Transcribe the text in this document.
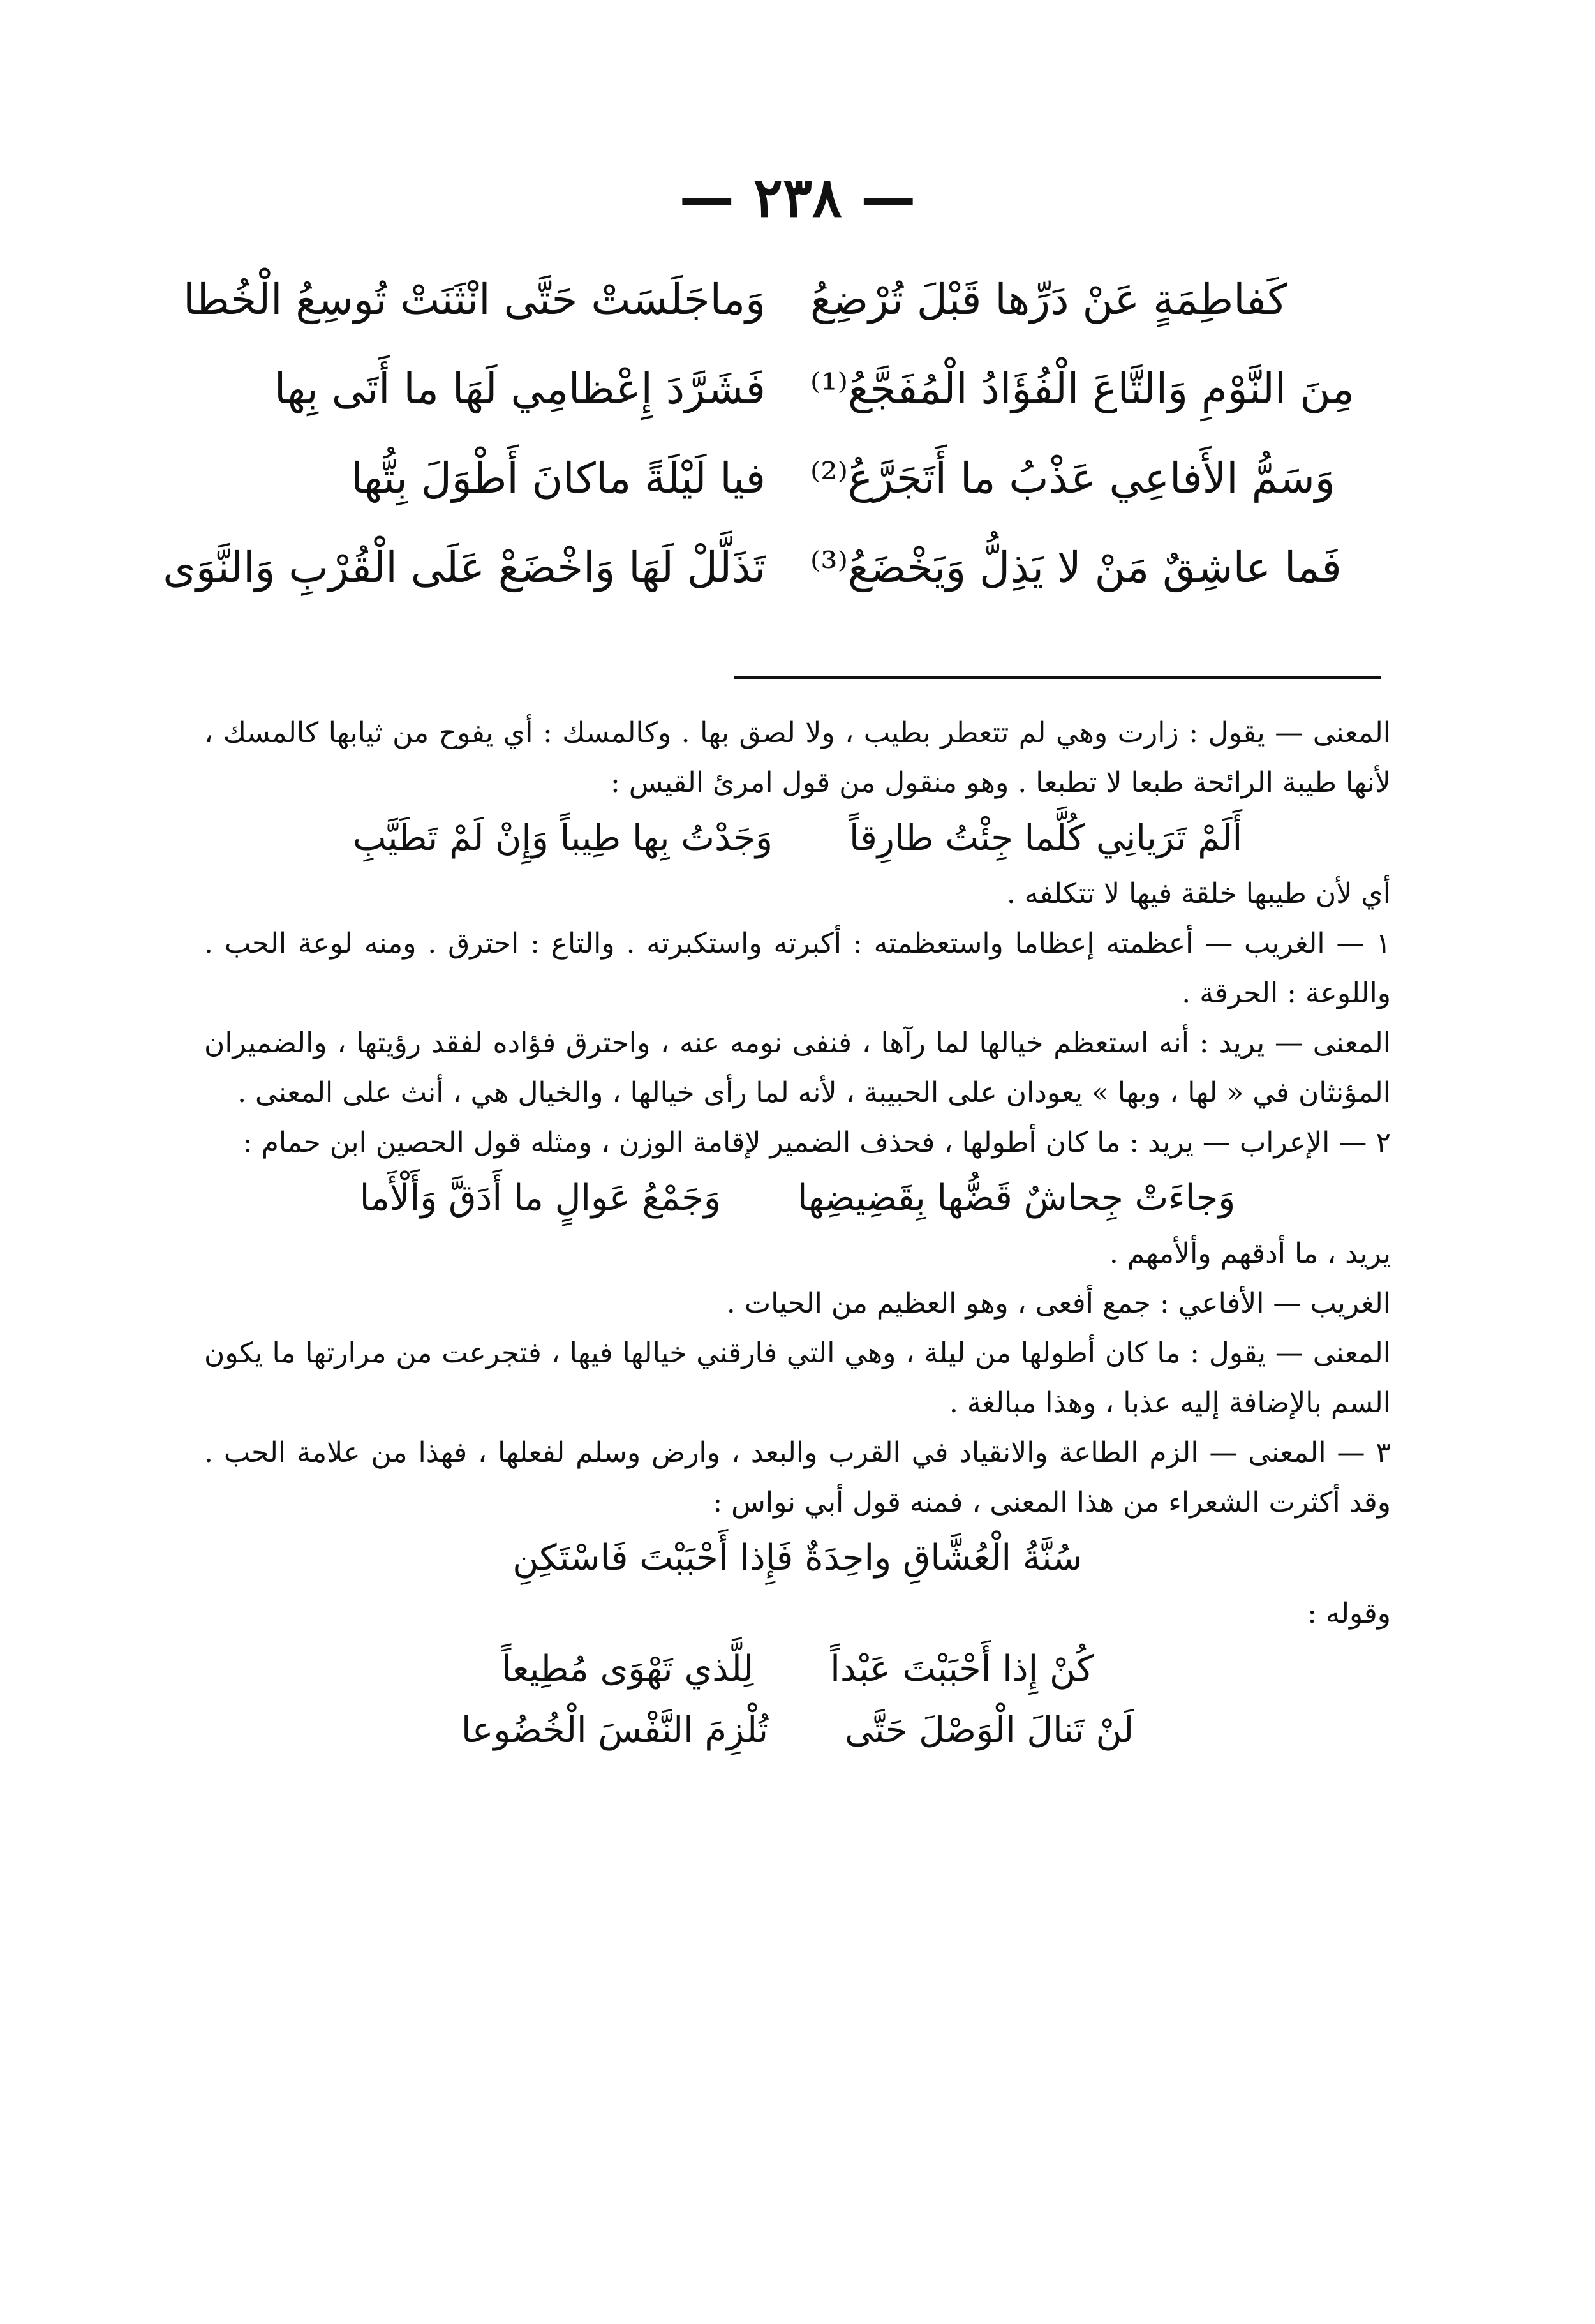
— ٢٣٨ —
وَماجَلَسَتْ حَتَّى انْثَنَتْ تُوسِعُ الْخُطا كَفاطِمَةٍ عَنْ دَرِّها قَبْلَ تُرْضِعُ
فَشَرَّدَ إِعْظامِي لَهَا ما أَتَى بِها مِنَ النَّوْمِ وَالتَّاعَ الْفُؤَادُ الْمُفَجَّعُ⁽¹⁾
فيا لَيْلَةً ماكانَ أَطْوَلَ بِتُّها وَسَمُّ الأَفاعِي عَذْبُ ما أَتَجَرَّعُ⁽²⁾
تَذَلَّلْ لَهَا وَاخْضَعْ عَلَى الْقُرْبِ وَالنَّوَى فَما عاشِقٌ مَنْ لا يَذِلُّ وَيَخْضَعُ⁽³⁾

المعنى — يقول : زارت وهي لم تتعطر بطيب ، ولا لصق بها . وكالمسك : أي يفوح من ثيابها كالمسك ، لأنها طيبة الرائحة طبعا لا تطبعا . وهو منقول من قول امرئ القيس :

أَلَمْ تَرَيانِي كُلَّما جِئْتُ طارِقاً
وَجَدْتُ بِها طِيباً وَإِنْ لَمْ تَطَيَّبِ

أي لأن طيبها خلقة فيها لا تتكلفه .

١ — الغريب — أعظمته إعظاما واستعظمته : أكبرته واستكبرته . والتاع : احترق . ومنه لوعة الحب . واللوعة : الحرقة .

المعنى — يريد : أنه استعظم خيالها لما رآها ، فنفى نومه عنه ، واحترق فؤاده لفقد رؤيتها ، والضميران المؤنثان في « لها ، وبها » يعودان على الحبيبة ، لأنه لما رأى خيالها ، والخيال هي ، أنث على المعنى .

٢ — الإعراب — يريد : ما كان أطولها ، فحذف الضمير لإقامة الوزن ، ومثله قول الحصين ابن حمام :

وَجاءَتْ جِحاشٌ قَضُّها بِقَضِيضِها
وَجَمْعُ عَوالٍ ما أَدَقَّ وَأَلْأَما

يريد ، ما أدقهم وألأمهم .

الغريب — الأفاعي : جمع أفعى ، وهو العظيم من الحيات .

المعنى — يقول : ما كان أطولها من ليلة ، وهي التي فارقني خيالها فيها ، فتجرعت من مرارتها ما يكون السم بالإضافة إليه عذبا ، وهذا مبالغة .

٣ — المعنى — الزم الطاعة والانقياد في القرب والبعد ، وارض وسلم لفعلها ، فهذا من علامة الحب . وقد أكثرت الشعراء من هذا المعنى ، فمنه قول أبي نواس :

سُنَّةُ الْعُشَّاقِ واحِدَةٌ فَإِذا أَحْبَبْتَ فَاسْتَكِنِ

وقوله :

كُنْ إِذا أَحْبَبْتَ عَبْداً
لِلَّذي تَهْوَى مُطِيعاً
لَنْ تَنالَ الْوَصْلَ حَتَّى
تُلْزِمَ النَّفْسَ الْخُضُوعا
